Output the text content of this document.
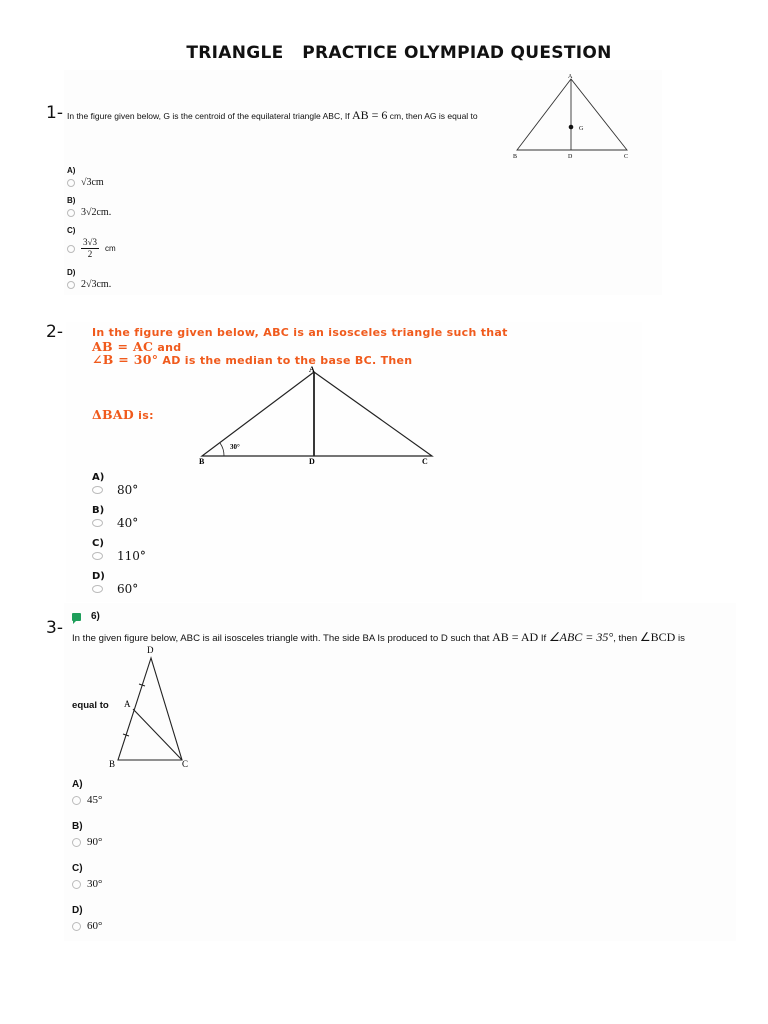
TRIANGLE   PRACTICE OLYMPIAD QUESTION
1- In the figure given below, G is the centroid of the equilateral triangle ABC, If AB = 6 cm, then AG is equal to
A
B	C
D
G
A)
√3cm
B)
3√2cm.
C)
3√3
2
cm
D)
2√3cm.
2-	In the figure given below, ABC is an isosceles triangle such that
AB = AC and
∠B = 30° AD is the median to the base BC. Then
ΔBAD is:
A
B	C
D
30°
A)
80°
B)
40°
C)
110°
D)
60°
3-
6)
In the given figure below, ABC is ail isosceles triangle with. The side BA Is produced to D such that AB = AD If ∠ABC = 35°, then ∠BCD is
equal to
D
A
B	C
A)
45°
B)
90°
C)
30°
D)
60°
